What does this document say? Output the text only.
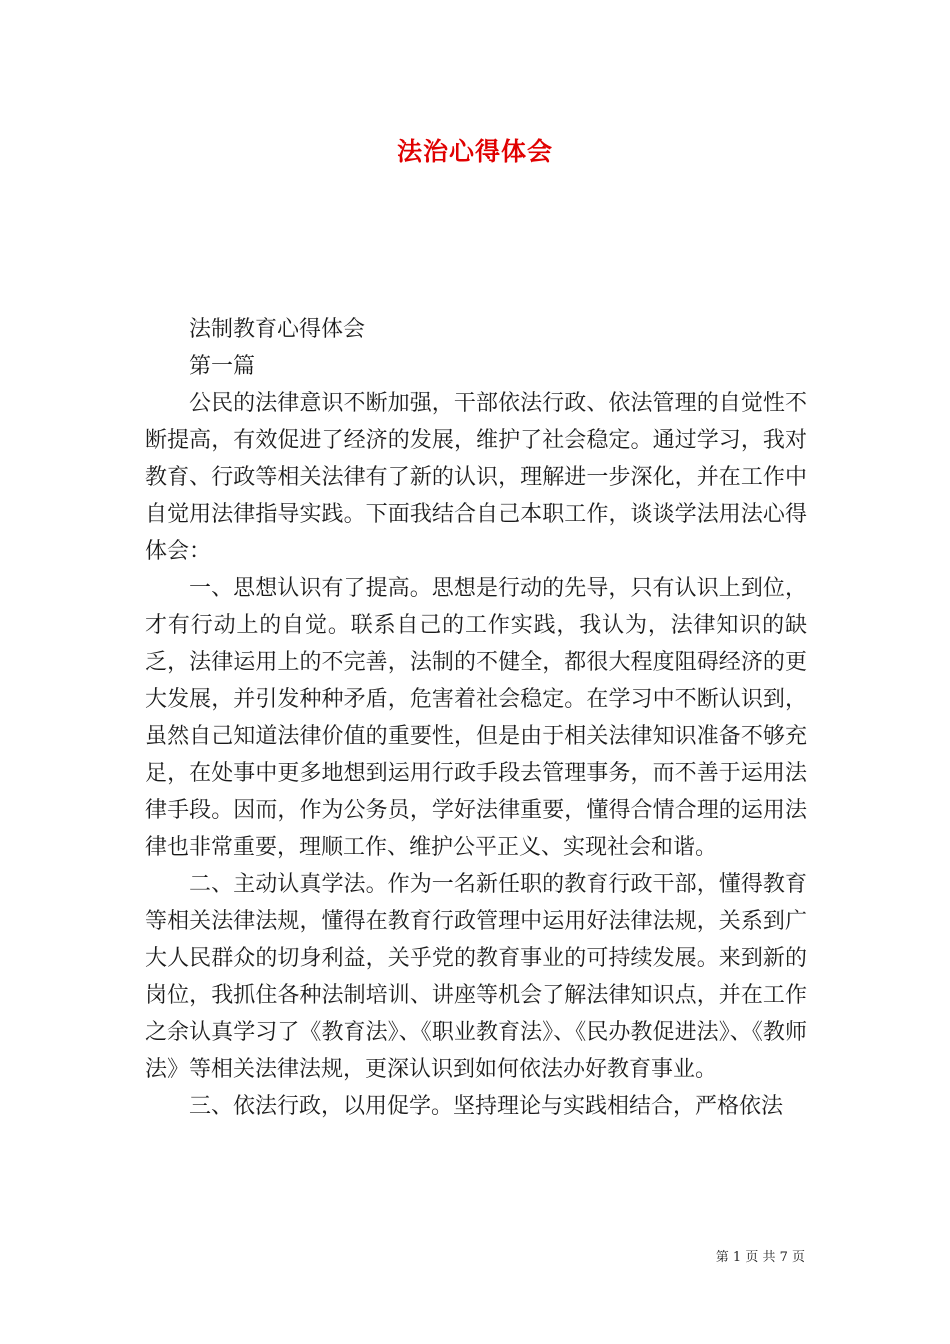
法治心得体会

法制教育心得体会

第一篇

公民的法律意识不断加强，干部依法行政、依法管理的自觉性不断提高，有效促进了经济的发展，维护了社会稳定。通过学习，我对教育、行政等相关法律有了新的认识，理解进一步深化，并在工作中自觉用法律指导实践。下面我结合自己本职工作，谈谈学法用法心得体会：

一、思想认识有了提高。思想是行动的先导，只有认识上到位，才有行动上的自觉。联系自己的工作实践，我认为，法律知识的缺乏，法律运用上的不完善，法制的不健全，都很大程度阻碍经济的更大发展，并引发种种矛盾，危害着社会稳定。在学习中不断认识到，虽然自己知道法律价值的重要性，但是由于相关法律知识准备不够充足，在处事中更多地想到运用行政手段去管理事务，而不善于运用法律手段。因而，作为公务员，学好法律重要，懂得合情合理的运用法律也非常重要，理顺工作、维护公平正义、实现社会和谐。

二、主动认真学法。作为一名新任职的教育行政干部，懂得教育等相关法律法规，懂得在教育行政管理中运用好法律法规，关系到广大人民群众的切身利益，关乎党的教育事业的可持续发展。来到新的岗位，我抓住各种法制培训、讲座等机会了解法律知识点，并在工作之余认真学习了《教育法》、《职业教育法》、《民办教促进法》、《教师法》等相关法律法规，更深认识到如何依法办好教育事业。

三、依法行政，以用促学。坚持理论与实践相结合，严格依法

第 1 页 共 7 页
